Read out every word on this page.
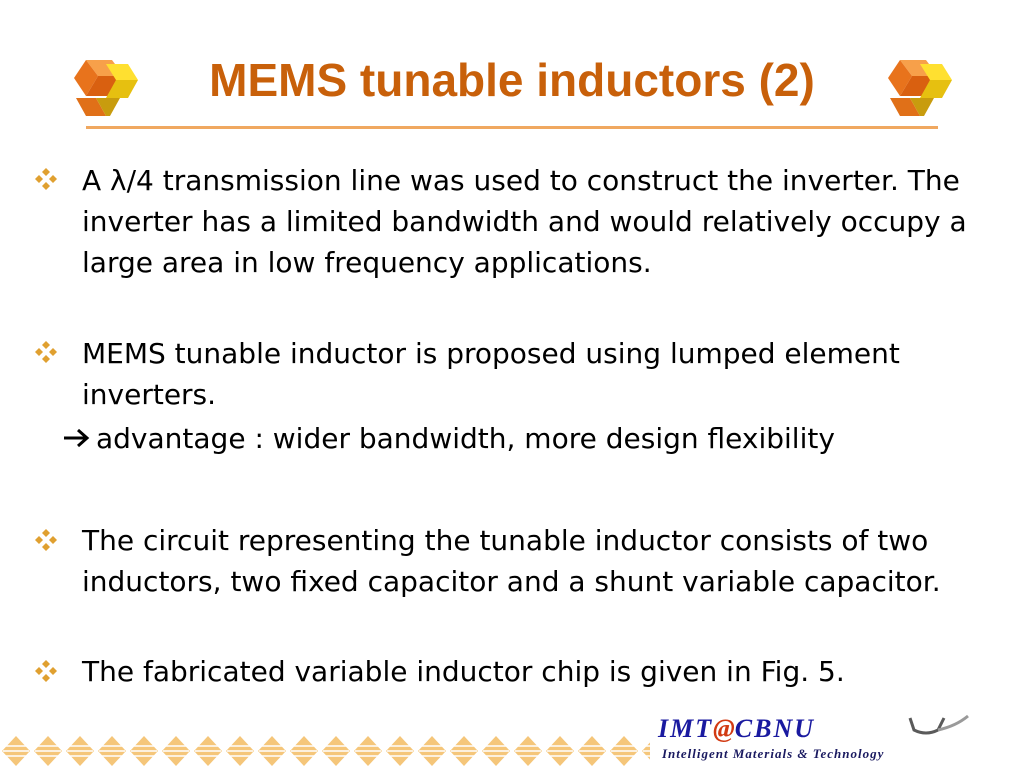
MEMS tunable inductors (2)
A λ/4 transmission line was used to construct the inverter. The inverter has a limited bandwidth and would relatively occupy a large area in low frequency applications.
MEMS tunable inductor is proposed using lumped element inverters.
advantage : wider bandwidth, more design flexibility
The circuit representing the tunable inductor consists of two inductors, two fixed capacitor and a shunt variable capacitor.
The fabricated variable inductor chip is given in Fig. 5.
IMT@CBNU
Intelligent Materials & Technology
